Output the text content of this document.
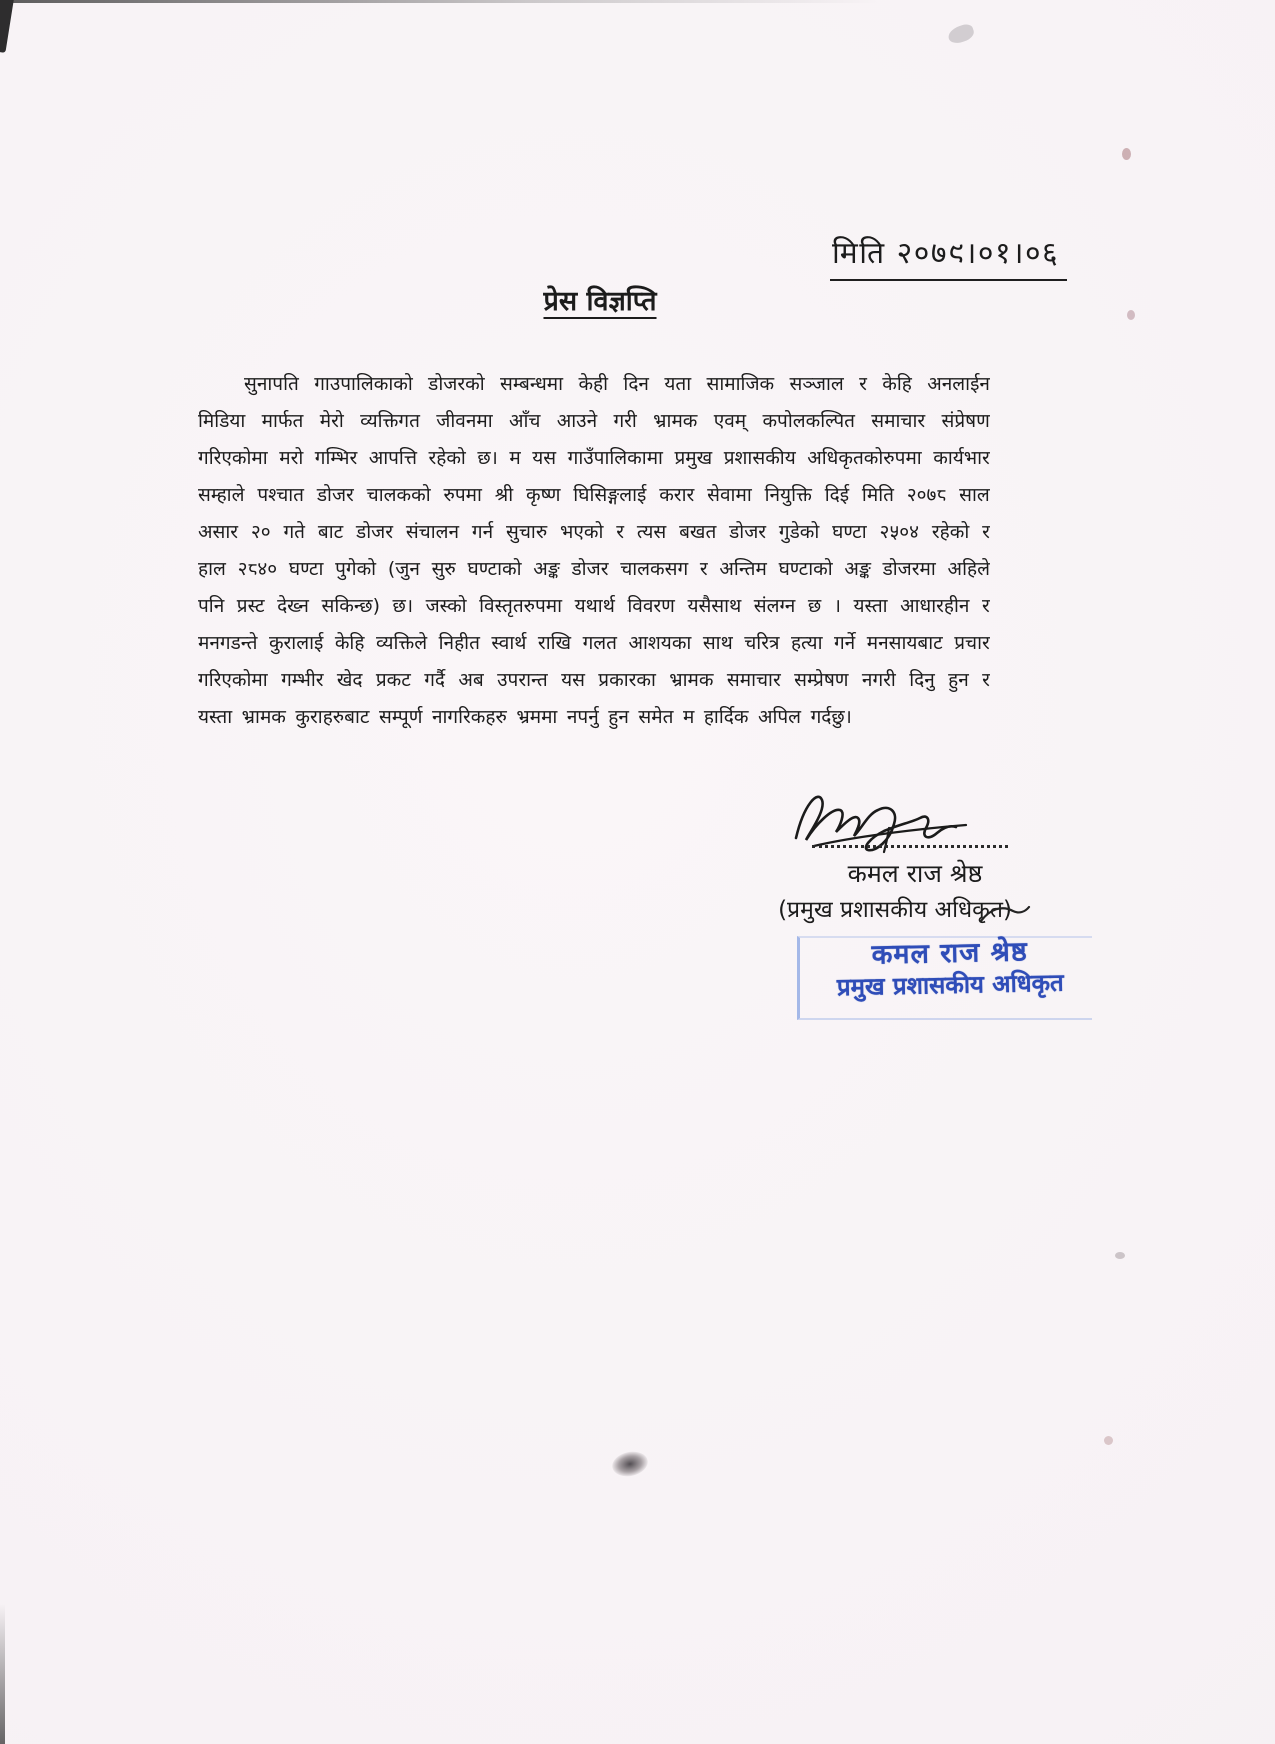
मिति २०७९।०१।०६
प्रेस विज्ञप्ति
सुनापति गाउपालिकाको डोजरको सम्बन्धमा केही दिन यता सामाजिक सञ्जाल र केहि अनलाईन
मिडिया मार्फत मेरो व्यक्तिगत जीवनमा आँच आउने गरी भ्रामक एवम् कपोलकल्पित समाचार संप्रेषण
गरिएकोमा मरो गम्भिर आपत्ति रहेको छ। म यस गाउँपालिकामा प्रमुख प्रशासकीय अधिकृतकोरुपमा कार्यभार
सम्हाले पश्चात डोजर चालकको रुपमा श्री कृष्ण घिसिङ्गलाई करार सेवामा नियुक्ति दिई मिति २०७८ साल
असार २० गते बाट डोजर संचालन गर्न सुचारु भएको र त्यस बखत डोजर गुडेको घण्टा २५०४ रहेको र
हाल २८४० घण्टा पुगेको (जुन सुरु घण्टाको अङ्क डोजर चालकसग र अन्तिम घण्टाको अङ्क डोजरमा अहिले
पनि प्रस्ट देख्न सकिन्छ) छ। जस्को विस्तृतरुपमा यथार्थ विवरण यसैसाथ संलग्न छ । यस्ता आधारहीन र
मनगडन्ते कुरालाई केहि व्यक्तिले निहीत स्वार्थ राखि गलत आशयका साथ चरित्र हत्या गर्ने मनसायबाट प्रचार
गरिएकोमा गम्भीर खेद प्रकट गर्दै अब उपरान्त यस प्रकारका भ्रामक समाचार सम्प्रेषण नगरी दिनु हुन र
यस्ता भ्रामक कुराहरुबाट सम्पूर्ण नागरिकहरु भ्रममा नपर्नु हुन समेत म हार्दिक अपिल गर्दछु।
कमल राज श्रेष्ठ
(प्रमुख प्रशासकीय अधिकृत)
कमल राज श्रेष्ठ
प्रमुख प्रशासकीय अधिकृत
